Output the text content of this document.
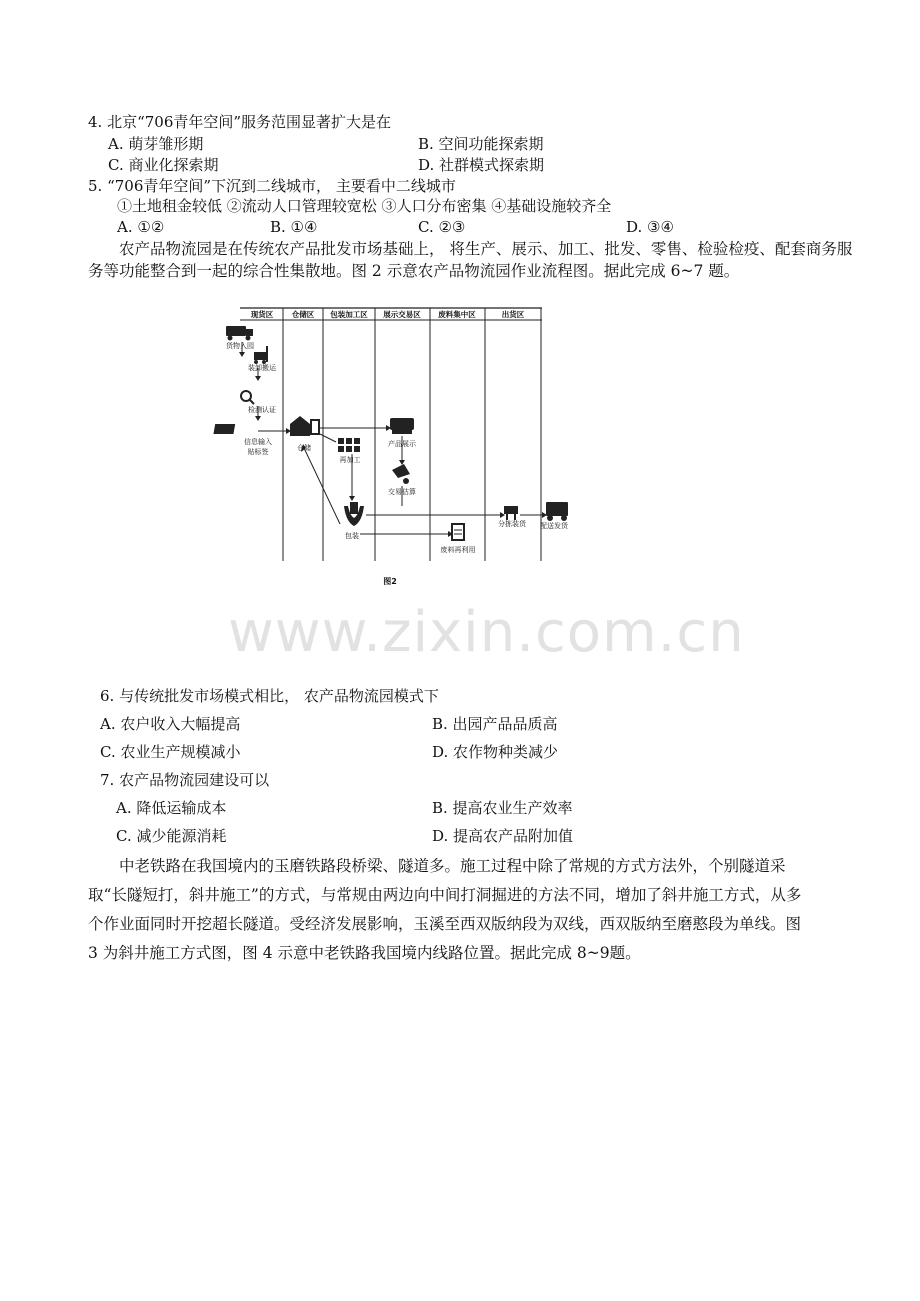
4. 北京“706青年空间”服务范围显著扩大是在
A. 萌芽雏形期	B. 空间功能探索期
C. 商业化探索期	D. 社群模式探索期
5. “706青年空间”下沉到二线城市， 主要看中二线城市
①土地租金较低 ②流动人口管理较宽松 ③人口分布密集 ④基础设施较齐全
A. ①②	B. ①④	C. ②③	D. ③④
农产品物流园是在传统农产品批发市场基础上， 将生产、展示、加工、批发、零售、检验检疫、配套商务服务等功能整合到一起的综合性集散地。图 2 示意农产品物流园作业流程图。据此完成 6~7 题。
现货区 仓储区 包装加工区 展示交易区 废料集中区	出货区
货物入园
装卸搬运
检测认证
信息输入
贴标签	仓储
再加工
产品展示
交易估算
包装
废料再利用
分拣装货
图2
配送发货
www.zixin.com.cn
6. 与传统批发市场模式相比， 农产品物流园模式下
A. 农户收入大幅提高	B. 出园产品品质高
C. 农业生产规模减小	D. 农作物种类减少
7. 农产品物流园建设可以
A. 降低运输成本	B. 提高农业生产效率
C. 减少能源消耗	D. 提高农产品附加值
中老铁路在我国境内的玉磨铁路段桥梁、隧道多。施工过程中除了常规的方式方法外，个别隧道采取“长隧短打，斜井施工”的方式，与常规由两边向中间打洞掘进的方法不同，增加了斜井施工方式，从多个作业面同时开挖超长隧道。受经济发展影响，玉溪至西双版纳段为双线，西双版纳至磨憨段为单线。图 3 为斜井施工方式图，图 4 示意中老铁路我国境内线路位置。据此完成 8~9题。
